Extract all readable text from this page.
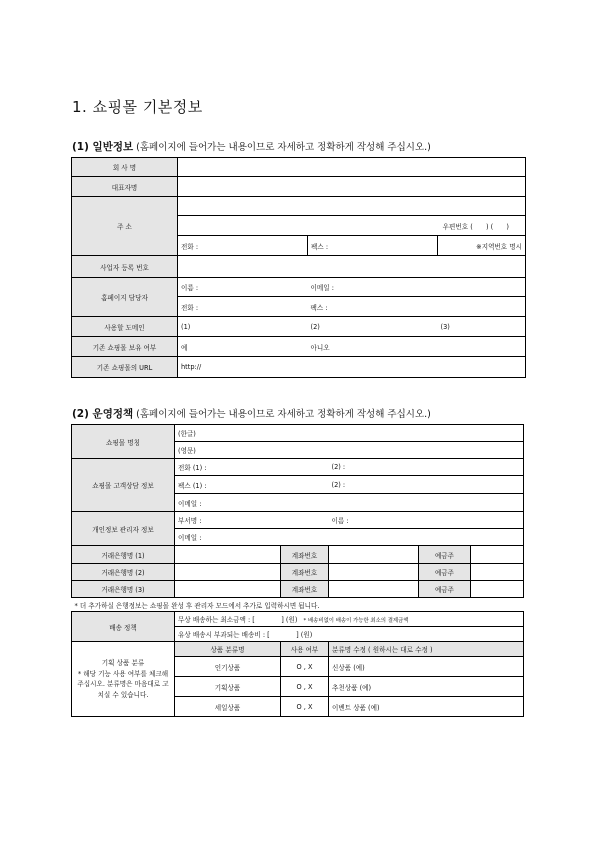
1. 쇼핑몰 기본정보
(1) 일반정보 (홈페이지에 들어가는 내용이므로 자세하고 정확하게 작성해 주십시오.)
회 사 명			
대표자명			
주 소			
	우편번호 (　　) (　　)		
	전화 :	팩스 :	※지역번호 명시
사업자 등록 번호			
홈페이지 담당자	이름 :	이메일 :	
	전화 :	팩스 :	
사용할 도메인	(1)	(2)	(3)
기존 쇼핑몰 보유 여부	예	아니오	
기존 쇼핑몰의 URL	http://		
(2) 운영정책 (홈페이지에 들어가는 내용이므로 자세하고 정확하게 작성해 주십시오.)
쇼핑몰 명칭	(한글)				
	(영문)				
쇼핑몰 고객상담 정보	전화 (1) :		(2) :		
	팩스 (1) :		(2) :		
	이메일 :				
개인정보 관리자 정보	부서명 :		이름 :		
	이메일 :				
거래은행명 (1)		계좌번호		예금주	
거래은행명 (2)		계좌번호		예금주	
거래은행명 (3)		계좌번호		예금주	
* 더 추가하실 은행정보는 쇼핑몰 완성 후 관리자 모드에서 추가로 입력하시면 됩니다.					
배송 정책	무상 배송하는 최소금액 : [　　　　] (원) * 배송비없이 배송이 가능한 최소의 결제금액				
	유상 배송시 부과되는 배송비 : [　　　　] (원)				

기획 상품 분류
* 해당 기능 사용 여부를 체크해주십시오. 분류명은 마음대로 고치실 수 있습니다.	상품 분류명	사용 여부	분류명 수정 ( 원하시는 대로 수정 )		
	인기상품	O , X	신상품 (예)		
	기획상품	O , X	추천상품 (예)		
	세일상품	O , X	이벤트 상품 (예)		
